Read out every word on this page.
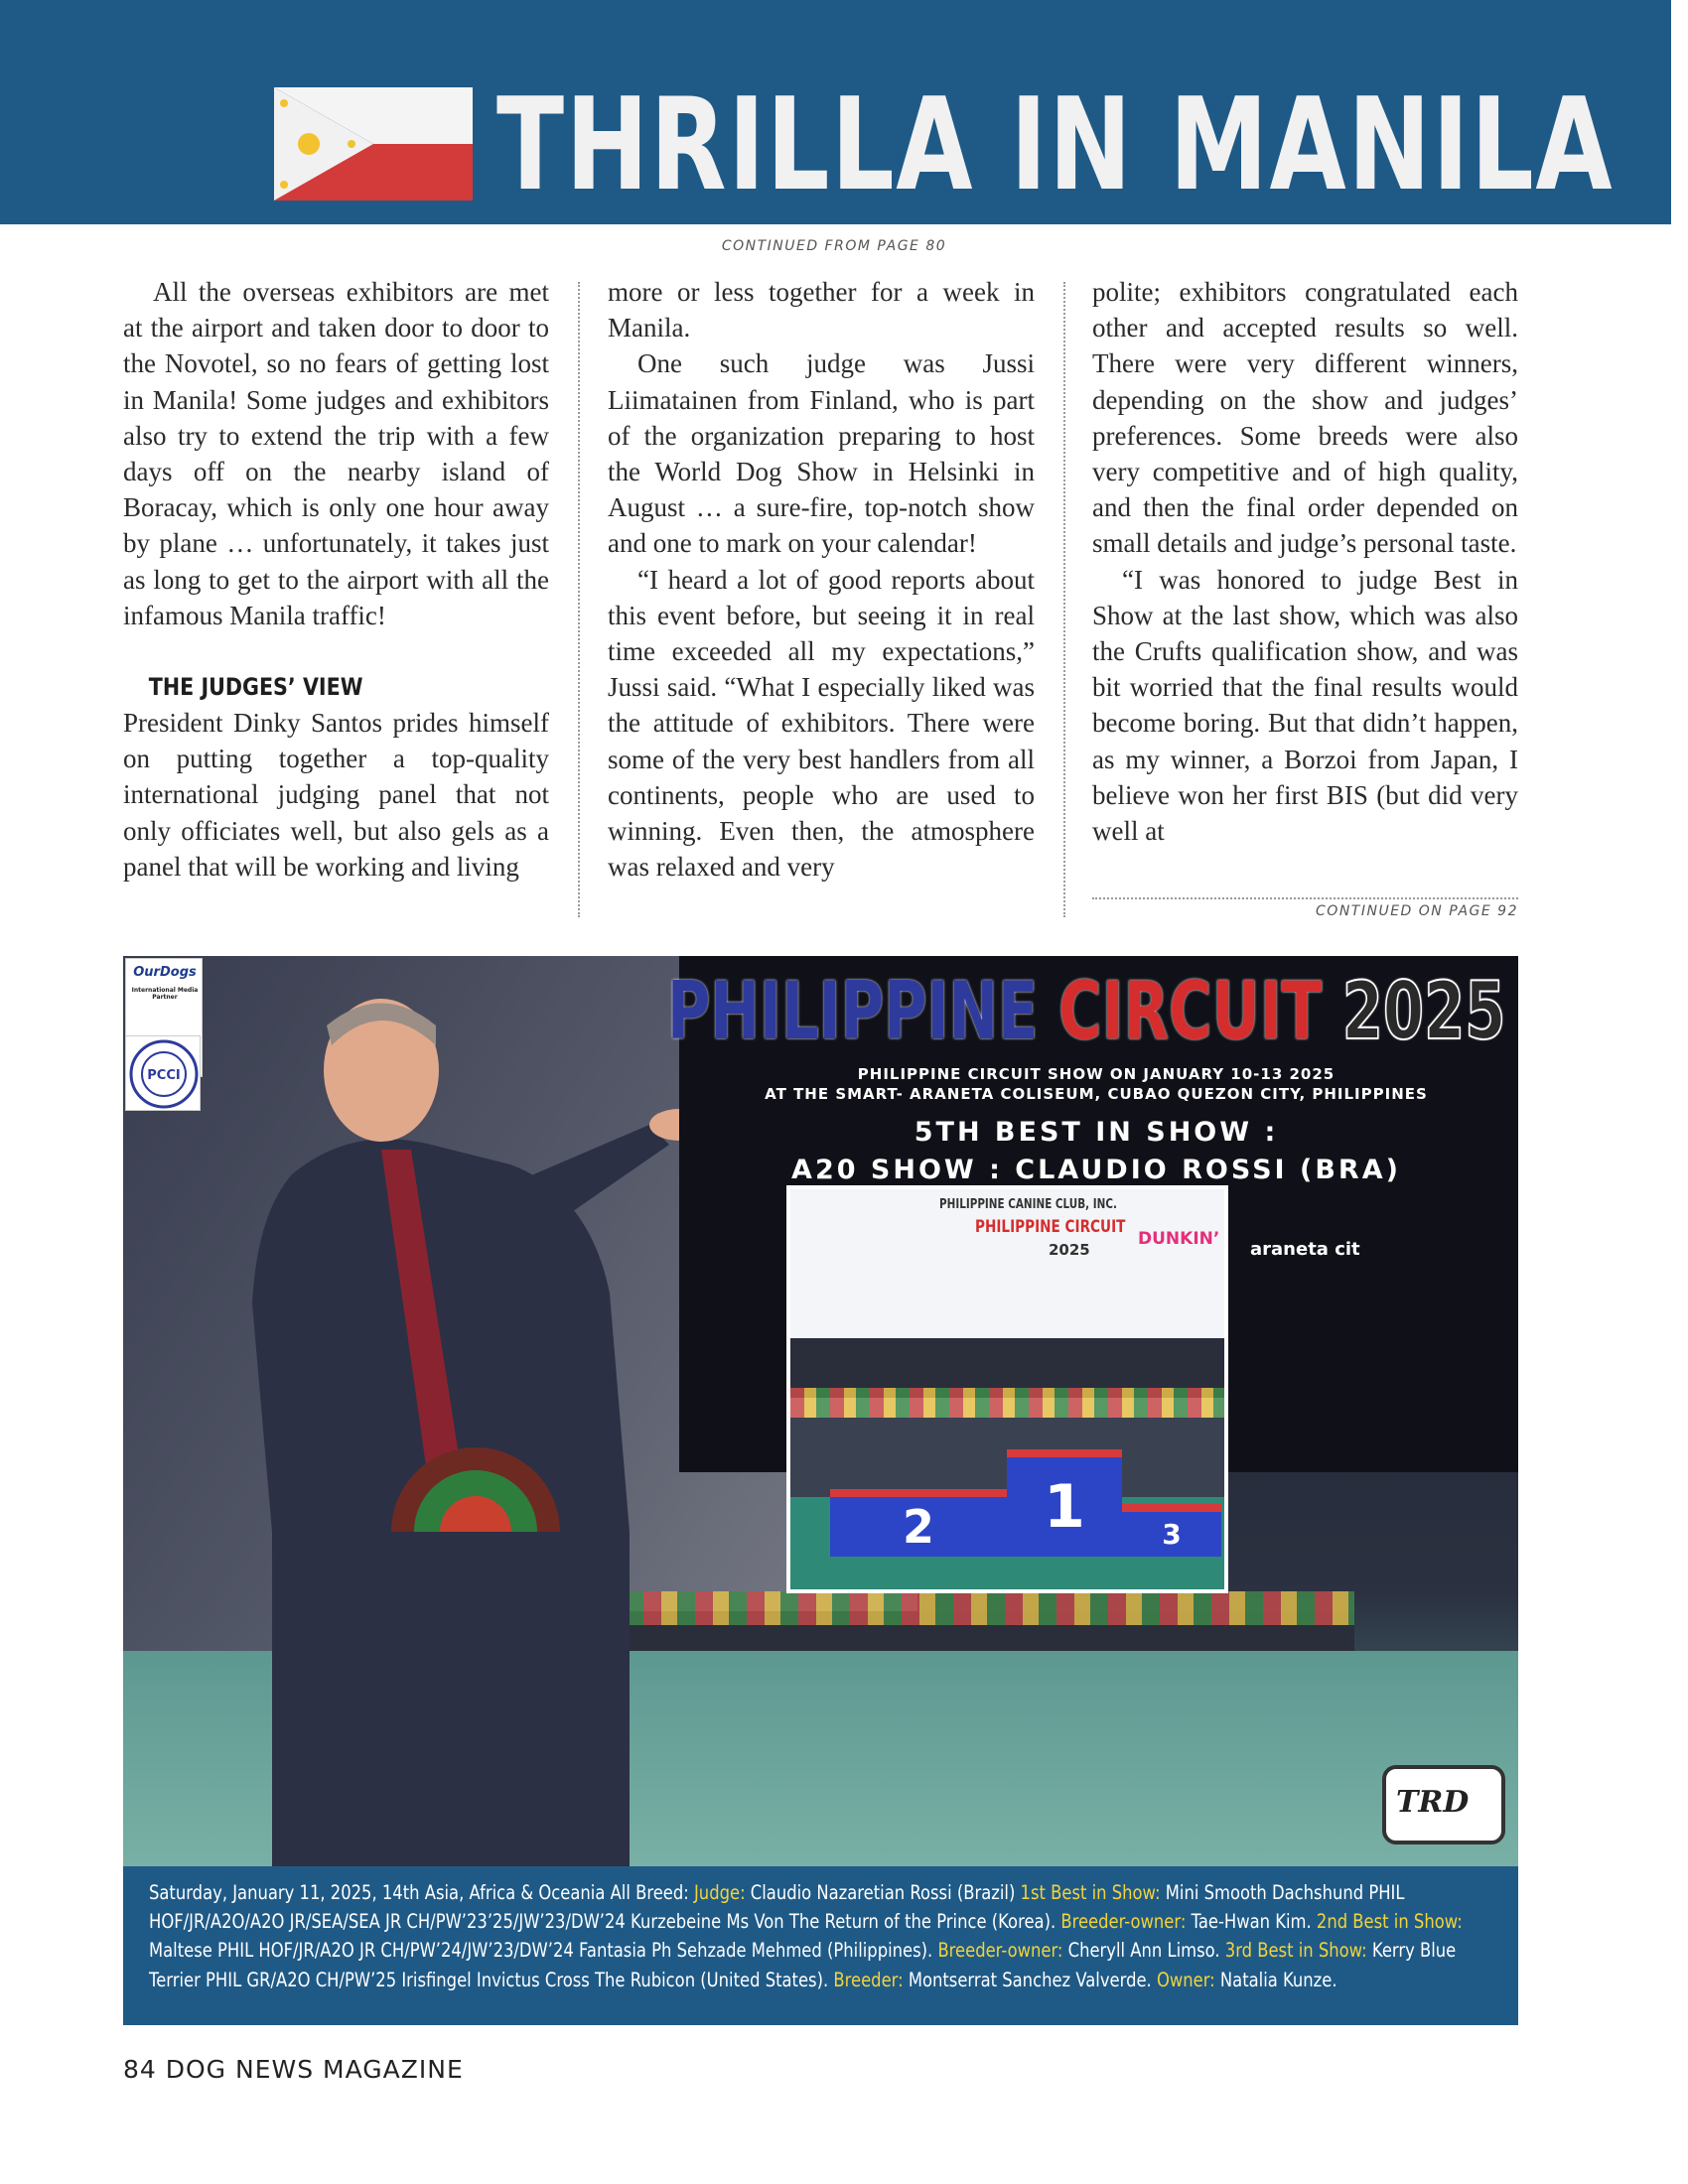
THRILLA IN MANILA
CONTINUED FROM PAGE 80

All the overseas exhibitors are met at the airport and taken door to door to the Novotel, so no fears of getting lost in Manila! Some judges and exhibitors also try to extend the trip with a few days off on the nearby island of Boracay, which is only one hour away by plane … unfortunately, it takes just as long to get to the airport with all the infamous Manila traffic!

THE JUDGES’ VIEW

President Dinky Santos prides himself on putting together a top-quality international judging panel that not only officiates well, but also gels as a panel that will be working and living

more or less together for a week in Manila.

One such judge was Jussi Liimatainen from Finland, who is part of the organization preparing to host the World Dog Show in Helsinki in August … a sure-fire, top-notch show and one to mark on your calendar!

“I heard a lot of good reports about this event before, but seeing it in real time exceeded all my expectations,” Jussi said. “What I especially liked was the attitude of exhibitors. There were some of the very best handlers from all continents, people who are used to winning. Even then, the atmosphere was relaxed and very

polite; exhibitors congratulated each other and accepted results so well. There were very different winners, depending on the show and judges’ preferences. Some breeds were also very competitive and of high quality, and then the final order depended on small details and judge’s personal taste.

“I was honored to judge Best in Show at the last show, which was also the Crufts qualification show, and was bit worried that the final results would become boring. But that didn’t happen, as my winner, a Borzoi from Japan, I believe won her first BIS (but did very well at

CONTINUED ON PAGE 92
OurDogs
International Media Partner
PCCI
PHILIPPINE CIRCUIT 2025
PHILIPPINE CIRCUIT SHOW ON JANUARY 10-13 2025
AT THE SMART- ARANETA COLISEUM, CUBAO QUEZON CITY, PHILIPPINES
5TH BEST IN SHOW :
A20 SHOW : CLAUDIO ROSSI (BRA)
PHILIPPINE CANINE CLUB, INC.
PHILIPPINE CIRCUIT
2025
DUNKIN’
1
2	3
araneta cit
TRD
Saturday, January 11, 2025, 14th Asia, Africa & Oceania All Breed: Judge: Claudio Nazaretian Rossi (Brazil) 1st Best in Show: Mini Smooth Dachshund PHIL HOF/JR/A2O/A2O JR/SEA/SEA JR CH/PW’23’25/JW’23/DW’24 Kurzebeine Ms Von The Return of the Prince (Korea). Breeder-owner: Tae-Hwan Kim. 2nd Best in Show: Maltese PHIL HOF/JR/A2O JR CH/PW’24/JW’23/DW’24 Fantasia Ph Sehzade Mehmed (Philippines). Breeder-owner: Cheryll Ann Limso. 3rd Best in Show: Kerry Blue Terrier PHIL GR/A2O CH/PW’25 Irisfingel Invictus Cross The Rubicon (United States). Breeder: Montserrat Sanchez Valverde. Owner: Natalia Kunze.
84 DOG NEWS MAGAZINE
